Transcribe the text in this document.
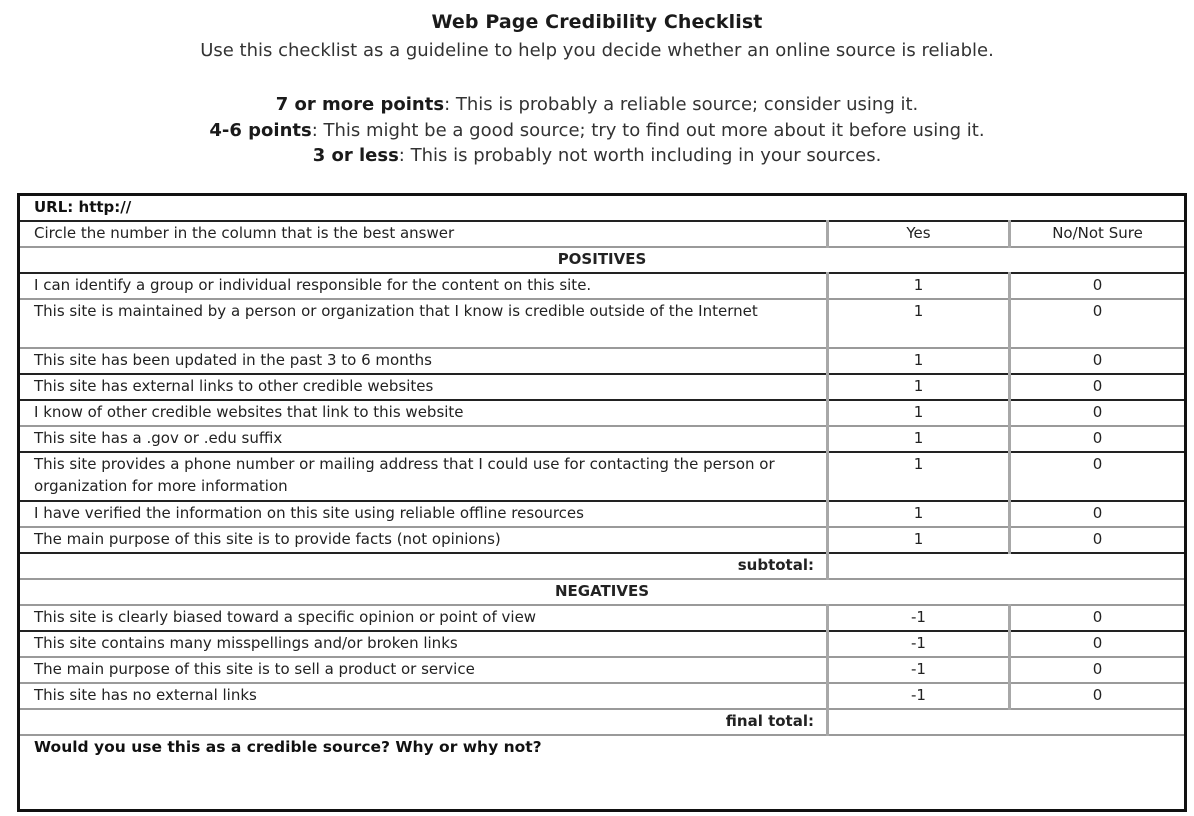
Web Page Credibility Checklist
Use this checklist as a guideline to help you decide whether an online source is reliable.
7 or more points: This is probably a reliable source; consider using it.
4-6 points: This might be a good source; try to find out more about it before using it.
3 or less: This is probably not worth including in your sources.
URL: http://		
Circle the number in the column that is the best answer	Yes	No/Not Sure
POSITIVES		
I can identify a group or individual responsible for the content on this site.	1	0
This site is maintained by a person or organization that I know is credible outside of the Internet	1	0
This site has been updated in the past 3 to 6 months	1	0
This site has external links to other credible websites	1	0
I know of other credible websites that link to this website	1	0
This site has a .gov or .edu suffix	1	0
This site provides a phone number or mailing address that I could use for contacting the person or organization for more information	1	0
I have verified the information on this site using reliable offline resources	1	0
The main purpose of this site is to provide facts (not opinions)	1	0
subtotal:		
NEGATIVES		
This site is clearly biased toward a specific opinion or point of view	-1	0
This site contains many misspellings and/or broken links	-1	0
The main purpose of this site is to sell a product or service	-1	0
This site has no external links	-1	0
final total:		
Would you use this as a credible source? Why or why not?		
